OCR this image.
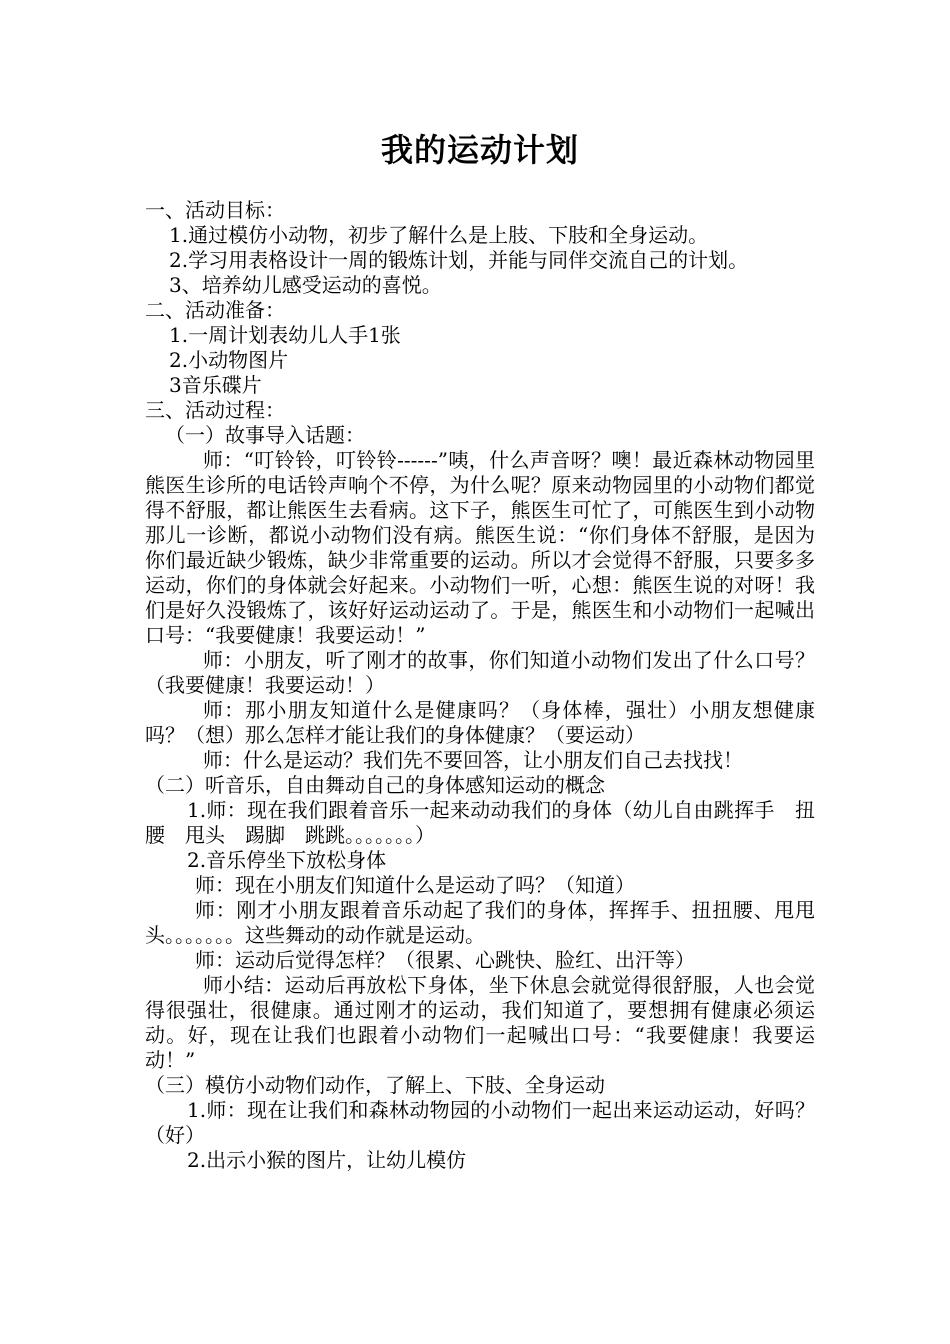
我的运动计划

一、活动目标：

1.通过模仿小动物，初步了解什么是上肢、下肢和全身运动。

2.学习用表格设计一周的锻炼计划，并能与同伴交流自己的计划。

3、培养幼儿感受运动的喜悦。

二、活动准备：

1.一周计划表幼儿人手1张

2.小动物图片

3音乐碟片

三、活动过程：

（一）故事导入话题：

师：“叮铃铃，叮铃铃------”咦，什么声音呀？噢！最近森林动物园里熊医生诊所的电话铃声响个不停，为什么呢？原来动物园里的小动物们都觉得不舒服，都让熊医生去看病。这下子，熊医生可忙了，可熊医生到小动物那儿一诊断，都说小动物们没有病。熊医生说：“你们身体不舒服，是因为你们最近缺少锻炼，缺少非常重要的运动。所以才会觉得不舒服，只要多多运动，你们的身体就会好起来。小动物们一听，心想：熊医生说的对呀！我们是好久没锻炼了，该好好运动运动了。于是，熊医生和小动物们一起喊出口号：“我要健康！我要运动！”

师：小朋友，听了刚才的故事，你们知道小动物们发出了什么口号？（我要健康！我要运动！）

师：那小朋友知道什么是健康吗？（身体棒，强壮）小朋友想健康吗？（想）那么怎样才能让我们的身体健康？（要运动）

师：什么是运动？我们先不要回答，让小朋友们自己去找找！

（二）听音乐，自由舞动自己的身体感知运动的概念

1.师：现在我们跟着音乐一起来动动我们的身体（幼儿自由跳挥手　扭腰　甩头　踢脚　跳跳。。。。。。。）

2.音乐停坐下放松身体

师：现在小朋友们知道什么是运动了吗？（知道）

师：刚才小朋友跟着音乐动起了我们的身体，挥挥手、扭扭腰、甩甩头。。。。。。。这些舞动的动作就是运动。

师：运动后觉得怎样？（很累、心跳快、脸红、出汗等）

师小结：运动后再放松下身体，坐下休息会就觉得很舒服，人也会觉得很强壮，很健康。通过刚才的运动，我们知道了，要想拥有健康必须运动。好，现在让我们也跟着小动物们一起喊出口号：“我要健康！我要运动！”

（三）模仿小动物们动作，了解上、下肢、全身运动

1.师：现在让我们和森林动物园的小动物们一起出来运动运动，好吗？（好）

2.出示小猴的图片，让幼儿模仿
